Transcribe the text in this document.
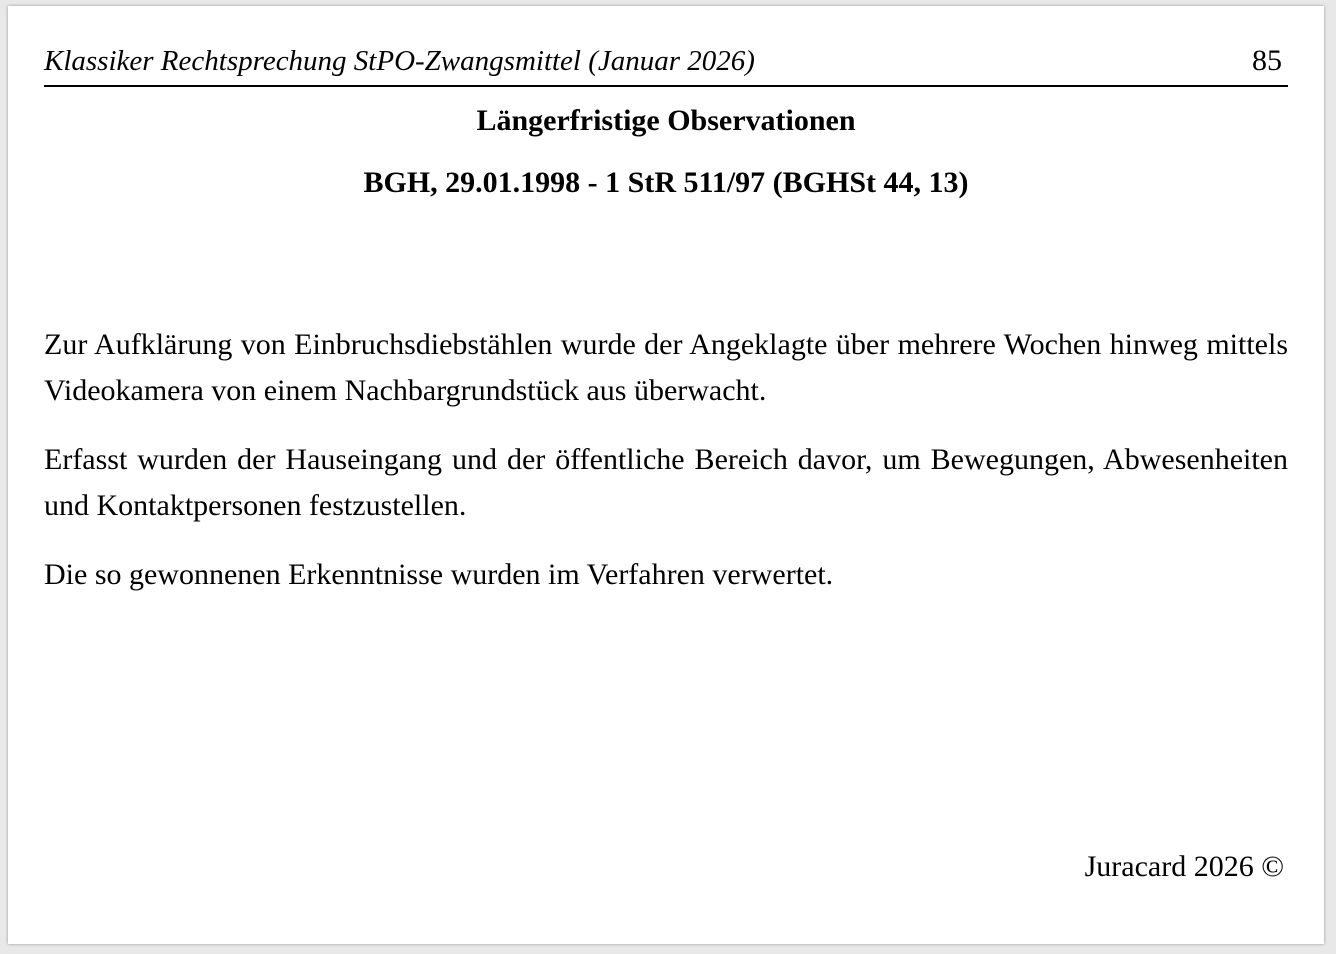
Klassiker Rechtsprechung StPO-Zwangsmittel (Januar 2026)	85
Längerfristige Observationen
BGH, 29.01.1998 - 1 StR 511/97 (BGHSt 44, 13)

Zur Aufklärung von Einbruchsdiebstählen wurde der Angeklagte über mehrere Wochen hinweg mittels Videokamera von einem Nachbargrundstück aus überwacht.

Erfasst wurden der Hauseingang und der öffentliche Bereich davor, um Bewegungen, Abwesenheiten und Kontaktpersonen festzustellen.

Die so gewonnenen Erkenntnisse wurden im Verfahren verwertet.

Juracard 2026 ©
